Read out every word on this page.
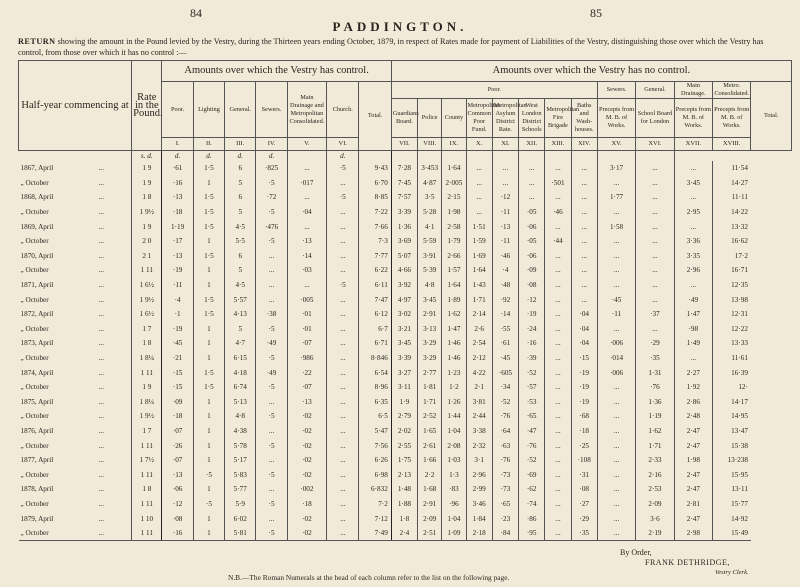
84	85
PADDINGTON.
RETURN showing the amount in the Pound levied by the Vestry, during the Thirteen years ending October, 1879, in respect of Rates made for payment of Liabilities of the Vestry, distinguishing those over which the Vestry has control, from those over which it has no control :—
Half-year commencing at	Rate in the Pound.	Amounts over which the Vestry has control.							Amounts over which the Vestry has no control.												
		Poor.	Lighting	General.	Sewers.	Main Drainage and Metropolitan Consolidated.	Church.	Total.	Poor.								Sewers.	General.	Main Drainage.	Metro. Consolidated.	Total.
									Guardians Board.	Police	County	Metropolitan Common Poor Fund.	Metropolitan Asylum District Rate.	West London District Schools	Metropolitan Fire Brigade	Baths and Wash-houses.	Precepts from M. B. of Works.	School Board for London	Precepts from M. B. of Works.	Precepts from M. B. of Works.	
		I.	II.	III.	IV.	V.	VI.		VII.	VIII.	IX.	X.	XI.	XII.	XIII.	XIV.	XV.	XVI.	XVII.	XVIII.	
	s. d.	d.	d.	d.	d.		d.														
1867, April ...	1 9	·61	1·5	6	·825	...	·5	9·43	7·28	3·453	1·64	...	...	...	...	...	3·17	...	...	11·54	
„ October ...	1 9	·16	1	5	·5	·017	...	6·70	7·45	4·87	2·005	...	...	...	·501	...	...	...	3·45	14·27	
1868, April ...	1 8	·13	1·5	6	·72	...	·5	8·85	7·57	3·5	2·15	...	·12	...	...	...	1·77	...	...	11·11	
„ October ...	1 9½	·18	1·5	5	·5	·04	...	7·22	3·39	5·28	1·98	...	·11	·05	·46	...	...	...	2·95	14·22	
1869, April ...	1 9	1·19	1·5	4·5	·476	...	...	7·66	1·36	4·1	2·58	1·51	·13	·06	...	...	1·58	...	...	13·32	
„ October ...	2 0	·17	1	5·5	·5	·13	...	7·3	3·69	5·59	1·79	1·59	·11	·05	·44	...	...	...	3·36	16·62	
1870, April ...	2 1	·13	1·5	6	...	·14	...	7·77	5·07	3·91	2·66	1·69	·46	·06	...	...	...	...	3·35	17·2	
„ October ...	1 11	·19	1	5	...	·03	...	6·22	4·66	5·39	1·57	1·64	·4	·09	...	...	...	...	2·96	16·71	
1871, April ...	1 6½	·11	1	4·5	...	...	·5	6·11	3·92	4·8	1·64	1·43	·48	·08	...	...	...	...	...	12·35	
„ October ...	1 9½	·4	1·5	5·57	...	·005	...	7·47	4·97	3·45	1·89	1·71	·92	·12	...	...	·45	...	·49	13·98	
1872, April ...	1 6½	·1	1·5	4·13	·38	·01	...	6·12	3·02	2·91	1·62	2·14	·14	·19	...	·04	·11	·37	1·47	12·31	
„ October ...	1 7	·19	1	5	·5	·01	...	6·7	3·21	3·13	1·47	2·6	·55	·24	...	·04	...	...	·98	12·22	
1873, April ...	1 8	·45	1	4·7	·49	·07	...	6·71	3·45	3·29	1·46	2·54	·61	·16	...	·04	·006	·29	1·49	13·33	
„ October ...	1 8¼	·21	1	6·15	·5	·986	...	8·846	3·39	3·29	1·46	2·12	·45	·39	...	·15	·014	·35	...	11·61	
1874, April ...	1 11	·15	1·5	4·18	·49	·22	...	6·54	3·27	2·77	1·23	4·22	·605	·52	...	·19	·006	1·31	2·27	16·39	
„ October ...	1 9	·15	1·5	6·74	·5	·07	...	8·96	3·11	1·81	1·2	2·1	·34	·57	...	·19	...	·76	1·92	12·	
1875, April ...	1 8¼	·09	1	5·13	...	·13	...	6·35	1·9	1·71	1·26	3·81	·52	·53	...	·19	...	1·36	2·86	14·17	
„ October ...	1 9½	·18	1	4·8	·5	·02	...	6·5	2·79	2·52	1·44	2·44	·76	·65	...	·68	...	1·19	2·48	14·95	
1876, April ...	1 7	·07	1	4·38	...	·02	...	5·47	2·02	1·65	1·04	3·38	·64	·47	...	·18	...	1·62	2·47	13·47	
„ October ...	1 11	·26	1	5·78	·5	·02	...	7·56	2·55	2·61	2·08	2·32	·63	·76	...	·25	...	1·71	2·47	15·38	
1877, April ...	1 7½	·07	1	5·17	...	·02	...	6·26	1·75	1·66	1·03	3·1	·76	·52	...	·108	...	2·33	1·98	13·238	
„ October ...	1 11	·13	·5	5·83	·5	·02	...	6·98	2·13	2·2	1·3	2·96	·73	·69	...	·31	...	2·16	2·47	15·95	
1878, April ...	1 8	·06	1	5·77	...	·002	...	6·832	1·48	1·68	·83	2·99	·73	·62	...	·08	...	2·53	2·47	13·11	
„ October ...	1 11	·12	·5	5·9	·5	·18	...	7·2	1·88	2·91	·96	3·46	·65	·74	...	·27	...	2·09	2·81	15·77	
1879, April ...	1 10	·08	1	6·02	...	·02	...	7·12	1·8	2·09	1·04	1·84	·23	·86	...	·29	...	3·6	2·47	14·92	
„ October ...	1 11	·16	1	5·81	·5	·02	...	7·49	2·4	2·51	1·09	2·18	·84	·95	...	·35	...	2·19	2·98	15·49	
By Order,
FRANK DETHRIDGE,
Vestry Clerk.
N.B.—The Roman Numerals at the head of each column refer to the list on the following page.
